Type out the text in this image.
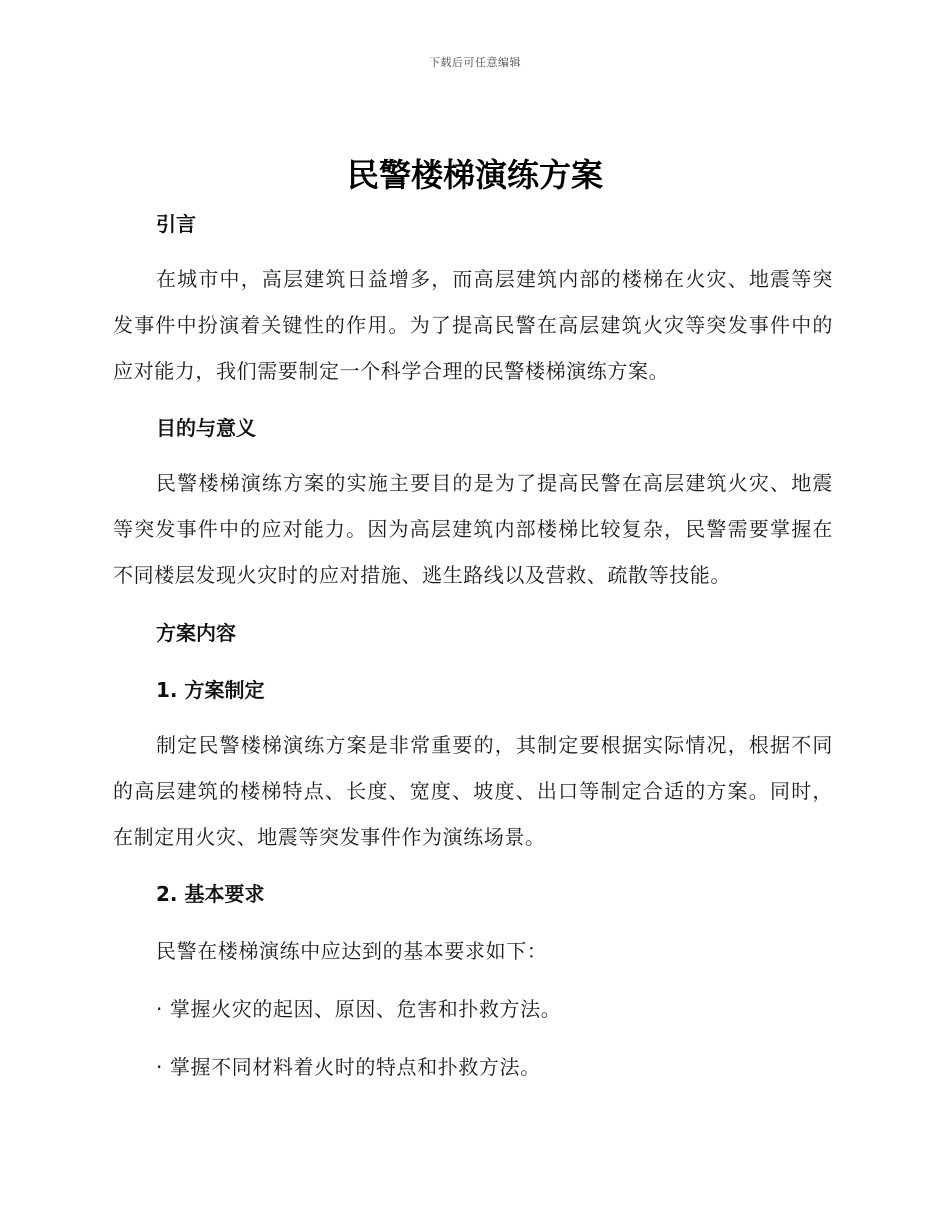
下载后可任意编辑
民警楼梯演练方案
引言
在城市中，高层建筑日益增多，而高层建筑内部的楼梯在火灾、地震等突发事件中扮演着关键性的作用。为了提高民警在高层建筑火灾等突发事件中的应对能力，我们需要制定一个科学合理的民警楼梯演练方案。
目的与意义
民警楼梯演练方案的实施主要目的是为了提高民警在高层建筑火灾、地震等突发事件中的应对能力。因为高层建筑内部楼梯比较复杂，民警需要掌握在不同楼层发现火灾时的应对措施、逃生路线以及营救、疏散等技能。
方案内容
1. 方案制定
制定民警楼梯演练方案是非常重要的，其制定要根据实际情况，根据不同的高层建筑的楼梯特点、长度、宽度、坡度、出口等制定合适的方案。同时，在制定用火灾、地震等突发事件作为演练场景。
2. 基本要求
民警在楼梯演练中应达到的基本要求如下：
· 掌握火灾的起因、原因、危害和扑救方法。
· 掌握不同材料着火时的特点和扑救方法。
